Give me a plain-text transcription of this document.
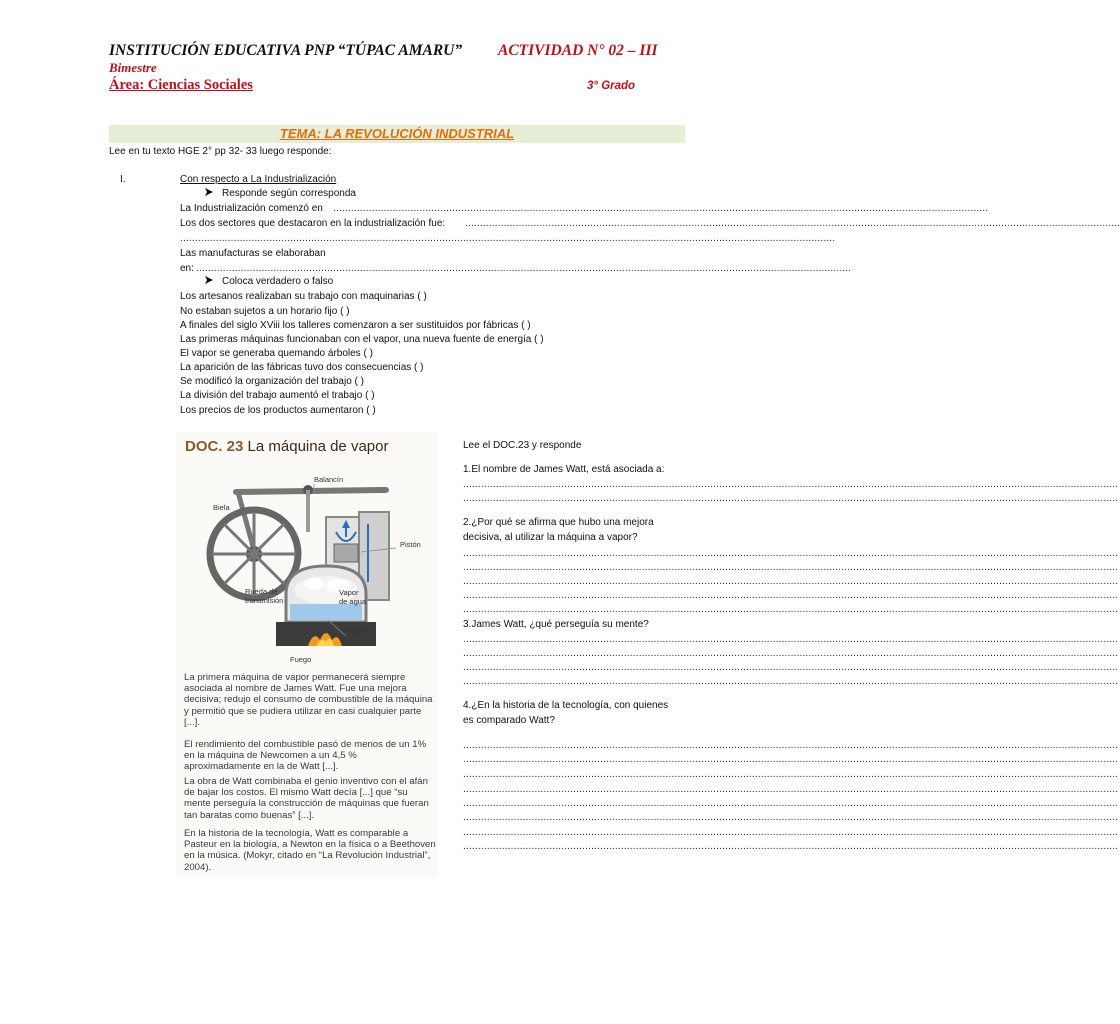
INSTITUCIÓN EDUCATIVA PNP “TÚPAC AMARU” ACTIVIDAD N° 02 – III
Bimestre
Área: Ciencias Sociales	3° Grado
TEMA: LA REVOLUCIÓN INDUSTRIAL
Lee en tu texto HGE 2° pp 32- 33 luego responde:
I.	Con respecto a La Industrialización
Responde según corresponda
La Industrialización comenzó en ............................................................................................................................................................................................................................
Los dos sectores que destacaron en la industrialización fue: ............................................................................................................................................................................................................................
............................................................................................................................................................................................................................
Las manufacturas se elaboraban
en: ............................................................................................................................................................................................................................
Coloca verdadero o falso
Los artesanos realizaban su trabajo con maquinarias ( )
No estaban sujetos a un horario fijo ( )
A finales del siglo XViii los talleres comenzaron a ser sustituidos por fábricas ( )
Las primeras máquinas funcionaban con el vapor, una nueva fuente de energía ( )
El vapor se generaba quemando árboles ( )
La aparición de las fábricas tuvo dos consecuencias ( )
Se modificó la organización del trabajo ( )
La división del trabajo aumentó el trabajo ( )
Los precios de los productos aumentaron ( )
DOC. 23 La máquina de vapor
Balancín
Biela
Pistón
Rueda de
transmisión
Vapor
de agua
Agua
Fuego
La primera máquina de vapor permanecerá siempre asociada al nombre de James Watt. Fue una mejora decisiva; redujo el consumo de combustible de la máquina y permitió que se pudiera utilizar en casi cualquier parte [...].
El rendimiento del combustible pasó de menos de un 1% en la máquina de Newcomen a un 4,5 % aproximadamente en la de Watt [...].
La obra de Watt combinaba el genio inventivo con el afán de bajar los costos. El mismo Watt decía [...] que “su mente perseguía la construcción de máquinas que fueran tan baratas como buenas” [...].
En la historia de la tecnología, Watt es comparable a Pasteur en la biología, a Newton en la física o a Beethoven en la música. (Mokyr, citado en “La Revolución Industrial”, 2004).
Lee el DOC.23 y responde
1.El nombre de James Watt, está asociada a:
............................................................................................................................................................................................................................
............................................................................................................................................................................................................................
2.¿Por qué se afirma que hubo una mejora
decisiva, al utilizar la máquina a vapor?
............................................................................................................................................................................................................................
............................................................................................................................................................................................................................
............................................................................................................................................................................................................................
............................................................................................................................................................................................................................
............................................................................................................................................................................................................................
3.James Watt, ¿qué perseguía su mente?
............................................................................................................................................................................................................................
............................................................................................................................................................................................................................
............................................................................................................................................................................................................................
............................................................................................................................................................................................................................
4.¿En la historia de la tecnología, con quienes
es comparado Watt?
............................................................................................................................................................................................................................
............................................................................................................................................................................................................................
............................................................................................................................................................................................................................
............................................................................................................................................................................................................................
............................................................................................................................................................................................................................
............................................................................................................................................................................................................................
............................................................................................................................................................................................................................
............................................................................................................................................................................................................................
